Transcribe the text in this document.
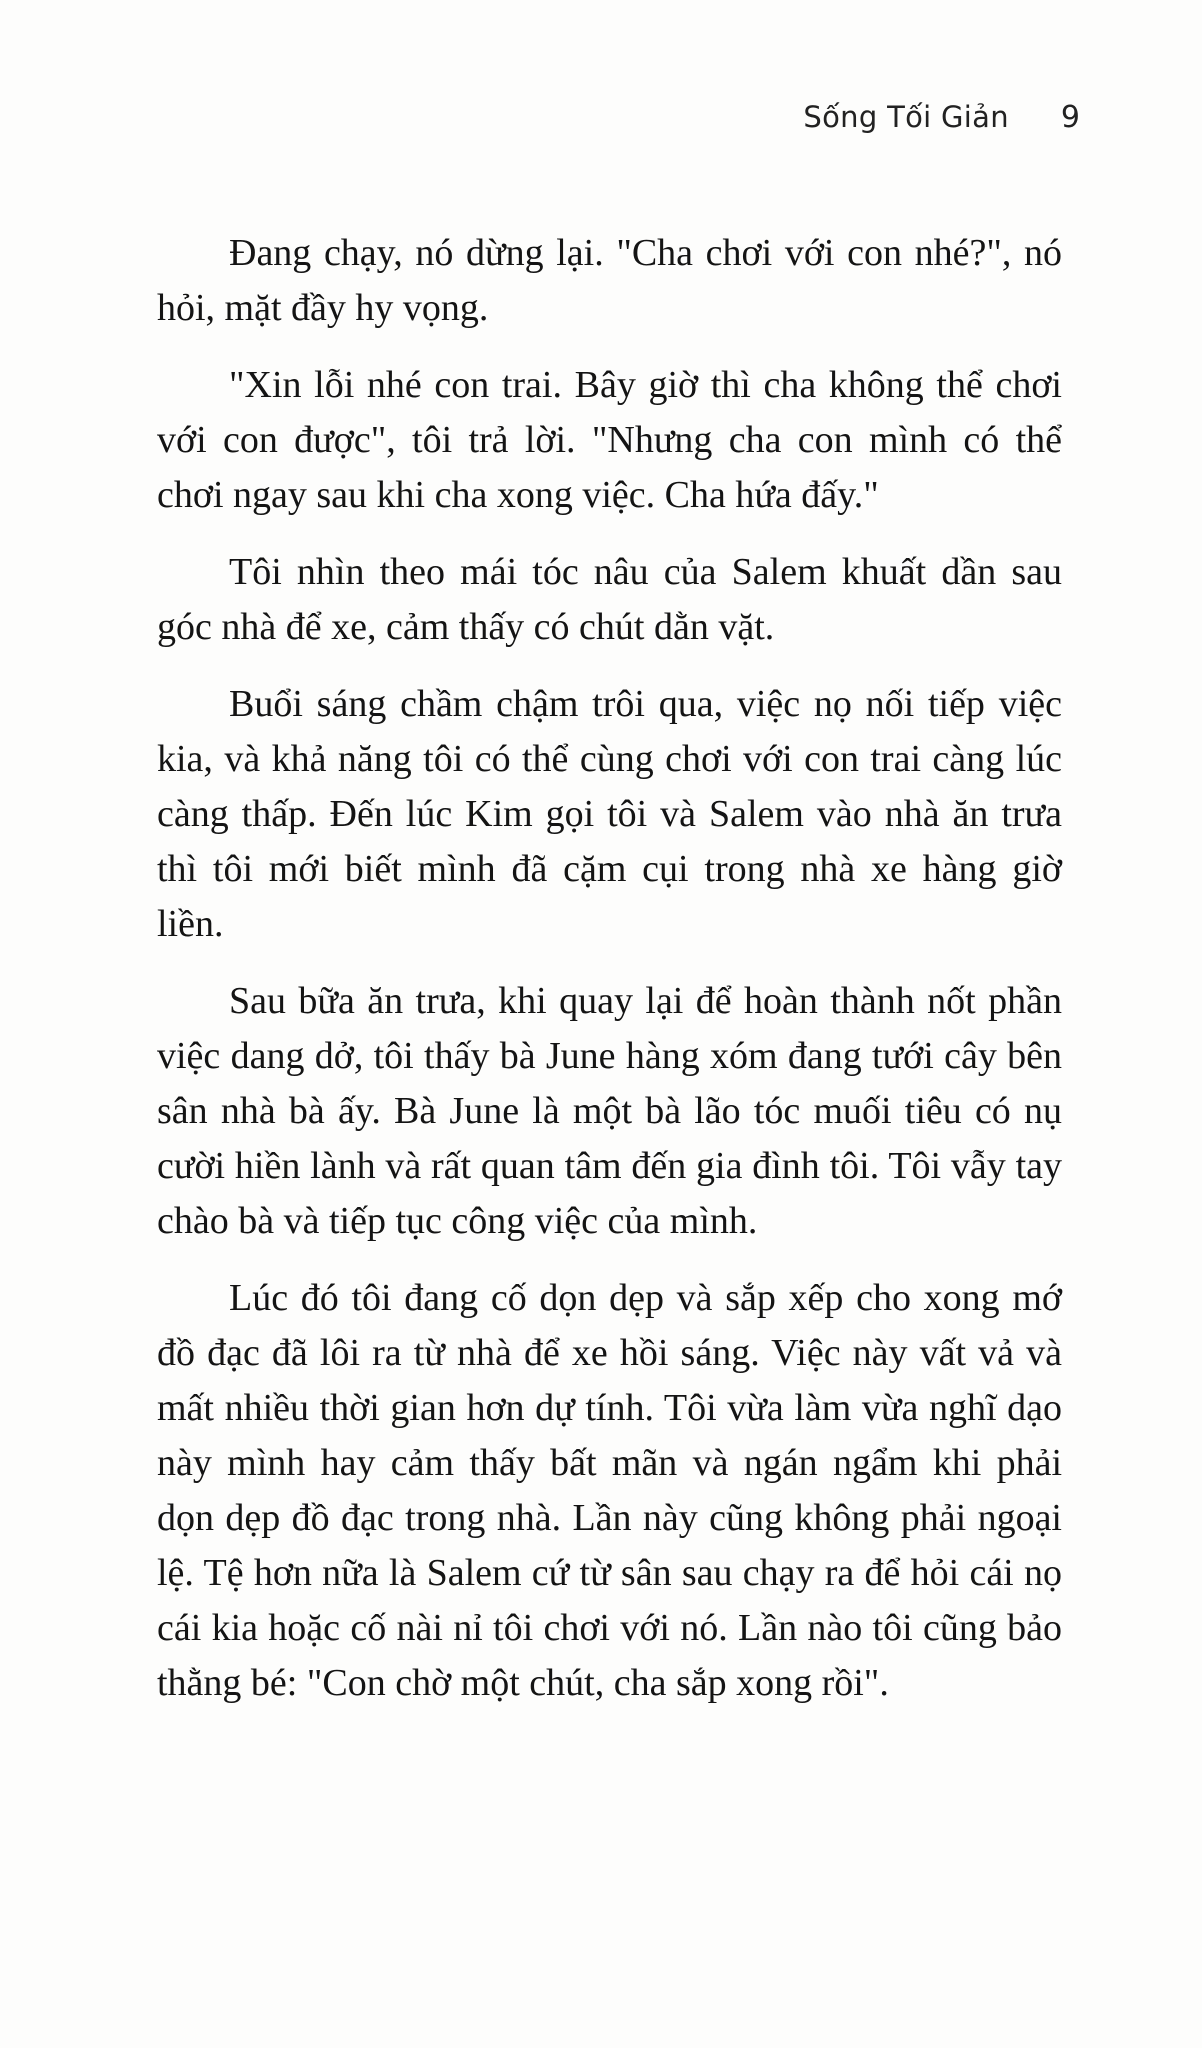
Sống Tối Giản 9

Đang chạy, nó dừng lại. "Cha chơi với con nhé?", nó hỏi, mặt đầy hy vọng.

"Xin lỗi nhé con trai. Bây giờ thì cha không thể chơi với con được", tôi trả lời. "Nhưng cha con mình có thể chơi ngay sau khi cha xong việc. Cha hứa đấy."

Tôi nhìn theo mái tóc nâu của Salem khuất dần sau góc nhà để xe, cảm thấy có chút dằn vặt.

Buổi sáng chầm chậm trôi qua, việc nọ nối tiếp việc kia, và khả năng tôi có thể cùng chơi với con trai càng lúc càng thấp. Đến lúc Kim gọi tôi và Salem vào nhà ăn trưa thì tôi mới biết mình đã cặm cụi trong nhà xe hàng giờ liền.

Sau bữa ăn trưa, khi quay lại để hoàn thành nốt phần việc dang dở, tôi thấy bà June hàng xóm đang tưới cây bên sân nhà bà ấy. Bà June là một bà lão tóc muối tiêu có nụ cười hiền lành và rất quan tâm đến gia đình tôi. Tôi vẫy tay chào bà và tiếp tục công việc của mình.

Lúc đó tôi đang cố dọn dẹp và sắp xếp cho xong mớ đồ đạc đã lôi ra từ nhà để xe hồi sáng. Việc này vất vả và mất nhiều thời gian hơn dự tính. Tôi vừa làm vừa nghĩ dạo này mình hay cảm thấy bất mãn và ngán ngẩm khi phải dọn dẹp đồ đạc trong nhà. Lần này cũng không phải ngoại lệ. Tệ hơn nữa là Salem cứ từ sân sau chạy ra để hỏi cái nọ cái kia hoặc cố nài nỉ tôi chơi với nó. Lần nào tôi cũng bảo thằng bé: "Con chờ một chút, cha sắp xong rồi".
